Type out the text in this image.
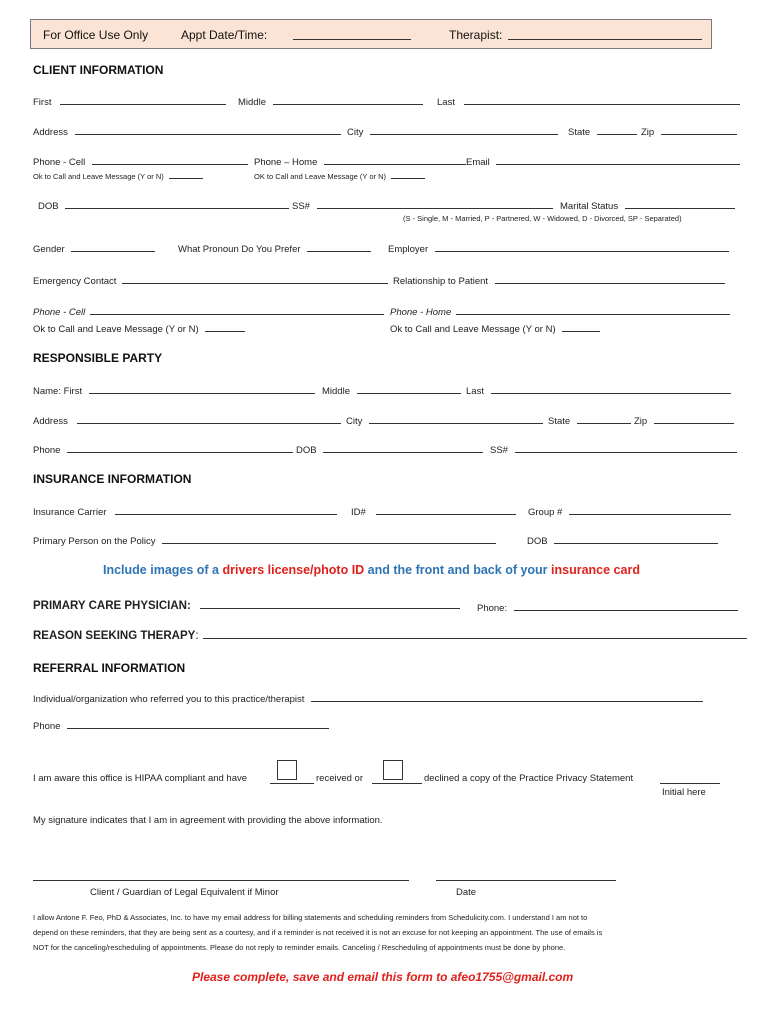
For Office Use Only	Appt Date/Time:	Therapist:
CLIENT INFORMATION
First	Middle	Last
Address	City	State	Zip
Phone - Cell	Phone – Home	Email
Ok to Call and Leave Message (Y or N)	OK to Call and Leave Message (Y or N)
DOB	SS#	Marital Status
(S - Single, M - Married, P - Partnered, W - Widowed, D - Divorced, SP - Separated)
Gender	What Pronoun Do You Prefer	Employer
Emergency Contact	Relationship to Patient
Phone - Cell	Phone - Home
Ok to Call and Leave Message (Y or N)	Ok to Call and Leave Message (Y or N)
RESPONSIBLE PARTY
Name: First	Middle	Last
Address	City	State	Zip
Phone	DOB	SS#
INSURANCE INFORMATION
Insurance Carrier	ID#	Group #
Primary Person on the Policy	DOB
Include images of a drivers license/photo ID and the front and back of your insurance card
PRIMARY CARE PHYSICIAN:	Phone:
REASON SEEKING THERAPY:
REFERRAL INFORMATION
Individual/organization who referred you to this practice/therapist
Phone
I am aware this office is HIPAA compliant and have	received or	declined a copy of the Practice Privacy Statement
Initial here
My signature indicates that I am in agreement with providing the above information.
Client / Guardian of Legal Equivalent if Minor	Date
I allow Antone F. Feo, PhD & Associates, Inc. to have my email address for billing statements and scheduling reminders from Schedulicity.com. I understand I am not to
depend on these reminders, that they are being sent as a courtesy, and if a reminder is not received it is not an excuse for not keeping an appointment. The use of emails is
NOT for the canceling/rescheduling of appointments. Please do not reply to reminder emails. Canceling / Rescheduling of appointments must be done by phone.
Please complete, save and email this form to afeo1755@gmail.com
